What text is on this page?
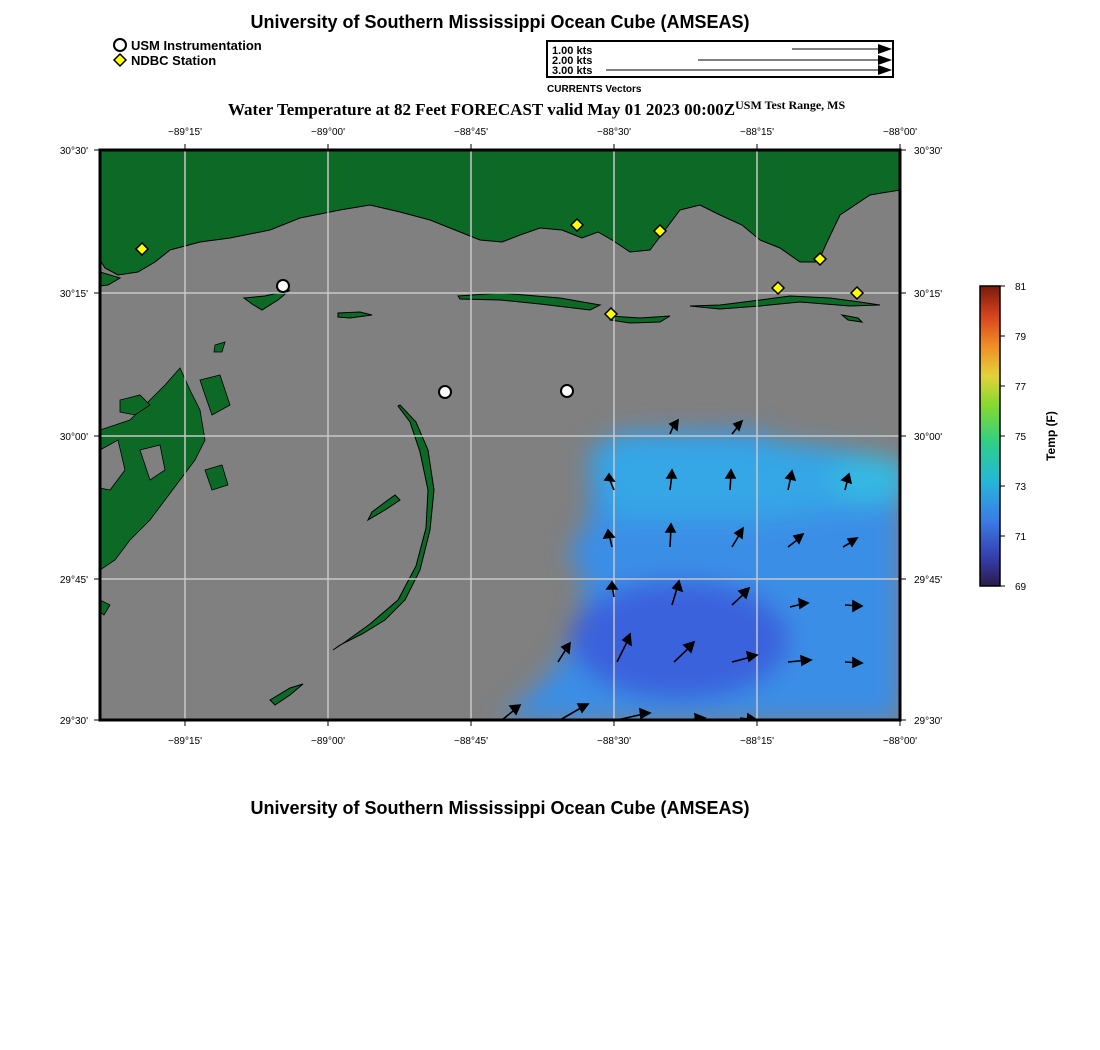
University of Southern Mississippi Ocean Cube (AMSEAS)
USM Instrumentation
NDBC Station
1.00 kts
2.00 kts
3.00 kts
CURRENTS Vectors
Water Temperature at 82 Feet FORECAST valid May 01 2023 $00:00Z^{USM Test Range, MS}$
−89°15'	−89°00'	−88°45'	−88°30'	−88°15'	−88°00'
−89°15'	−89°00'	−88°45'	−88°30'	−88°15'	−88°00'
30°30'
30°15'
30°00'
29°45'
29°30'
30°30'
30°15'
30°00'
29°45'
29°30'
81
79
77
75
73
71
69
Temp (F)
University of Southern Mississippi Ocean Cube (AMSEAS)
